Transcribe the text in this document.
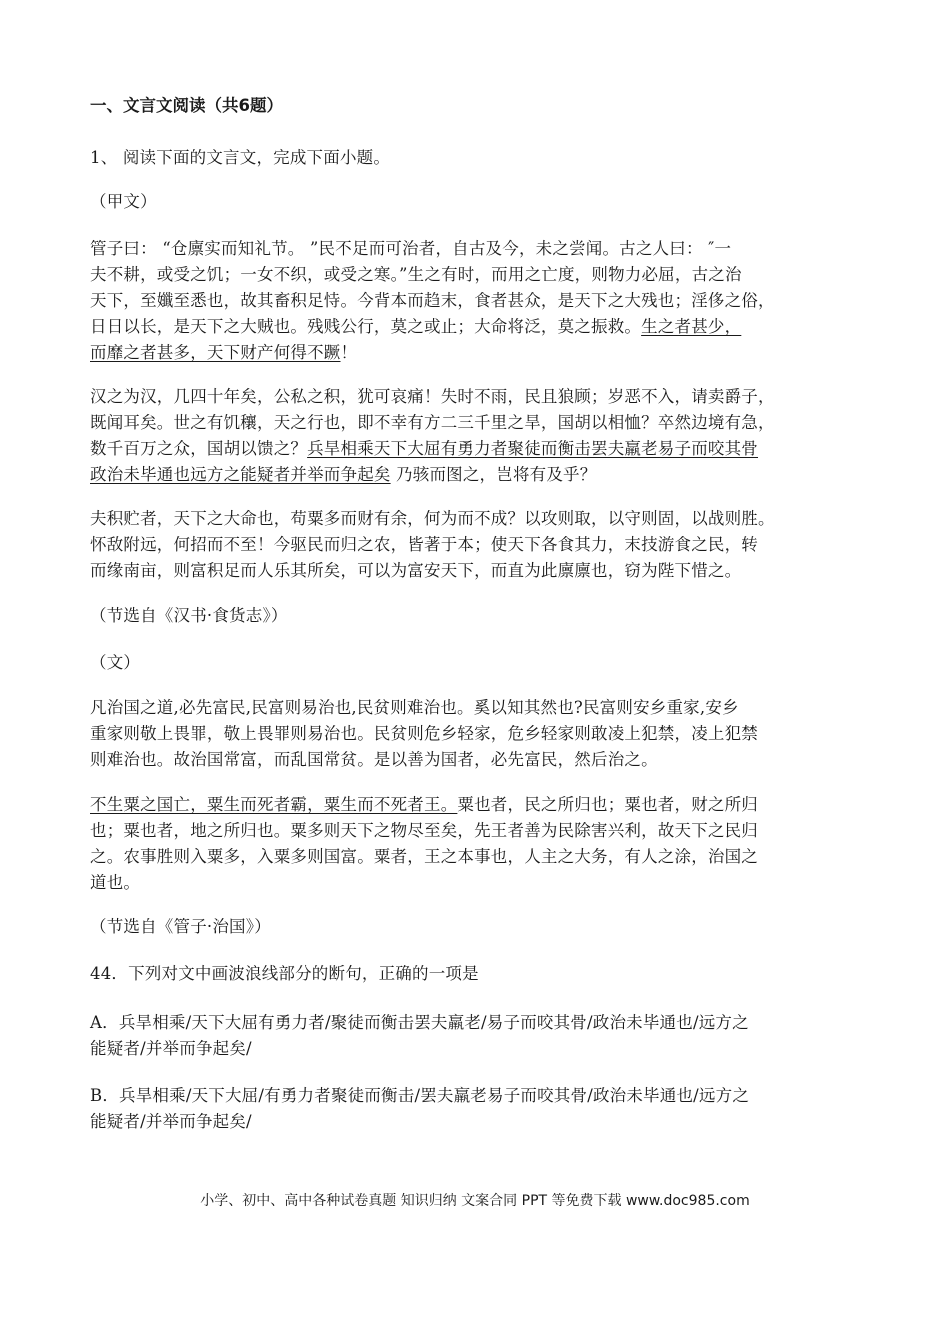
一、文言文阅读（共6题）
1、 阅读下面的文言文，完成下面小题。
（甲文）
管子曰： “仓廪实而知礼节。 ”民不足而可治者，自古及今，未之尝闻。古之人曰： ″一
夫不耕，或受之饥；一女不织，或受之寒。”生之有时，而用之亡度，则物力必屈，古之治
天下，至孅至悉也，故其畜积足恃。今背本而趋末，食者甚众，是天下之大残也；淫侈之俗，
日日以长，是天下之大贼也。残贱公行，莫之或止；大命将泛，莫之振救。生之者甚少，
而靡之者甚多，天下财产何得不蹶！
汉之为汉，几四十年矣，公私之积，犹可哀痛！失时不雨，民且狼顾；岁恶不入，请卖爵子，
既闻耳矣。世之有饥穰，天之行也，即不幸有方二三千里之旱，国胡以相恤？卒然边境有急，
数千百万之众，国胡以馈之？兵旱相乘天下大屈有勇力者聚徒而衡击罢夫羸老易子而咬其骨
政治未毕通也远方之能疑者并举而争起矣 乃骇而图之，岂将有及乎？
夫积贮者，天下之大命也，苟粟多而财有余，何为而不成？以攻则取，以守则固，以战则胜。
怀敌附远，何招而不至！今驱民而归之农，皆著于本；使天下各食其力，末技游食之民，转
而缘南亩，则富积足而人乐其所矣，可以为富安天下，而直为此廪廪也，窃为陛下惜之。
（节选自《汉书·食货志》）
（文）
凡治国之道,必先富民,民富则易治也,民贫则难治也。奚以知其然也?民富则安乡重家,安乡
重家则敬上畏罪，敬上畏罪则易治也。民贫则危乡轻家，危乡轻家则敢凌上犯禁，凌上犯禁
则难治也。故治国常富，而乱国常贫。是以善为国者，必先富民，然后治之。
不生粟之国亡，粟生而死者霸，粟生而不死者王。粟也者，民之所归也；粟也者，财之所归
也；粟也者，地之所归也。粟多则天下之物尽至矣，先王者善为民除害兴利，故天下之民归
之。农事胜则入粟多，入粟多则国富。粟者，王之本事也，人主之大务，有人之涂，治国之
道也。
（节选自《管子·治国》）
44．下列对文中画波浪线部分的断句，正确的一项是
A．兵旱相乘/天下大屈有勇力者/聚徒而衡击罢夫羸老/易子而咬其骨/政治未毕通也/远方之
能疑者/并举而争起矣/
B．兵旱相乘/天下大屈/有勇力者聚徒而衡击/罢夫羸老易子而咬其骨/政治未毕通也/远方之
能疑者/并举而争起矣/
小学、初中、高中各种试卷真题 知识归纳 文案合同 PPT 等免费下载 www.doc985.com
